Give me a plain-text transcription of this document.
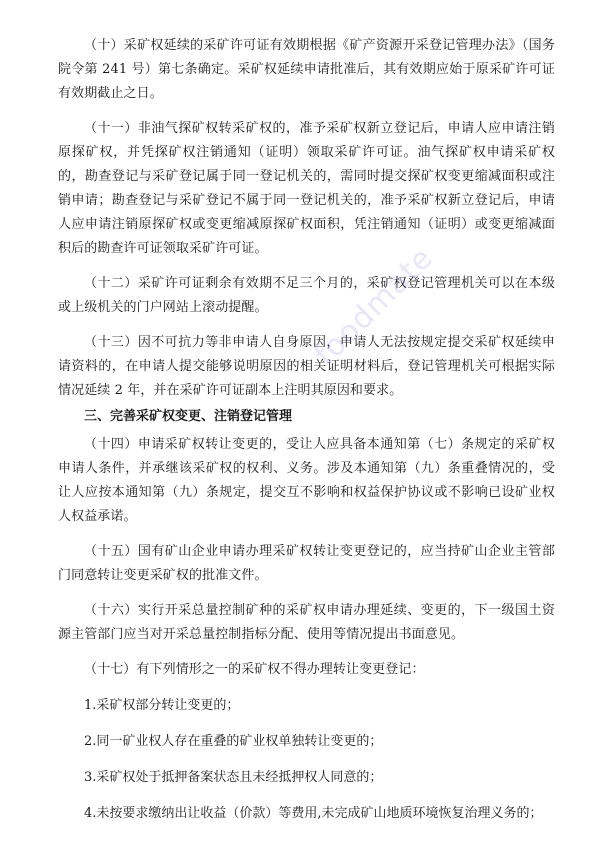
（十）采矿权延续的采矿许可证有效期根据《矿产资源开采登记管理办法》（国务院令第 241 号）第七条确定。采矿权延续申请批准后，其有效期应始于原采矿许可证有效期截止之日。

（十一）非油气探矿权转采矿权的，准予采矿权新立登记后，申请人应申请注销原探矿权，并凭探矿权注销通知（证明）领取采矿许可证。油气探矿权申请采矿权的，勘查登记与采矿登记属于同一登记机关的，需同时提交探矿权变更缩减面积或注销申请；勘查登记与采矿登记不属于同一登记机关的，准予采矿权新立登记后，申请人应申请注销原探矿权或变更缩减原探矿权面积，凭注销通知（证明）或变更缩减面积后的勘查许可证领取采矿许可证。

（十二）采矿许可证剩余有效期不足三个月的，采矿权登记管理机关可以在本级或上级机关的门户网站上滚动提醒。

（十三）因不可抗力等非申请人自身原因，申请人无法按规定提交采矿权延续申请资料的，在申请人提交能够说明原因的相关证明材料后，登记管理机关可根据实际情况延续 2 年，并在采矿许可证副本上注明其原因和要求。

三、完善采矿权变更、注销登记管理

（十四）申请采矿权转让变更的，受让人应具备本通知第（七）条规定的采矿权申请人条件，并承继该采矿权的权利、义务。涉及本通知第（九）条重叠情况的，受让人应按本通知第（九）条规定，提交互不影响和权益保护协议或不影响已设矿业权人权益承诺。

（十五）国有矿山企业申请办理采矿权转让变更登记的，应当持矿山企业主管部门同意转让变更采矿权的批准文件。

（十六）实行开采总量控制矿种的采矿权申请办理延续、变更的，下一级国土资源主管部门应当对开采总量控制指标分配、使用等情况提出书面意见。

（十七）有下列情形之一的采矿权不得办理转让变更登记：

1.采矿权部分转让变更的；

2.同一矿业权人存在重叠的矿业权单独转让变更的；

3.采矿权处于抵押备案状态且未经抵押权人同意的；

4.未按要求缴纳出让收益（价款）等费用,未完成矿山地质环境恢复治理义务的；

foodmate
